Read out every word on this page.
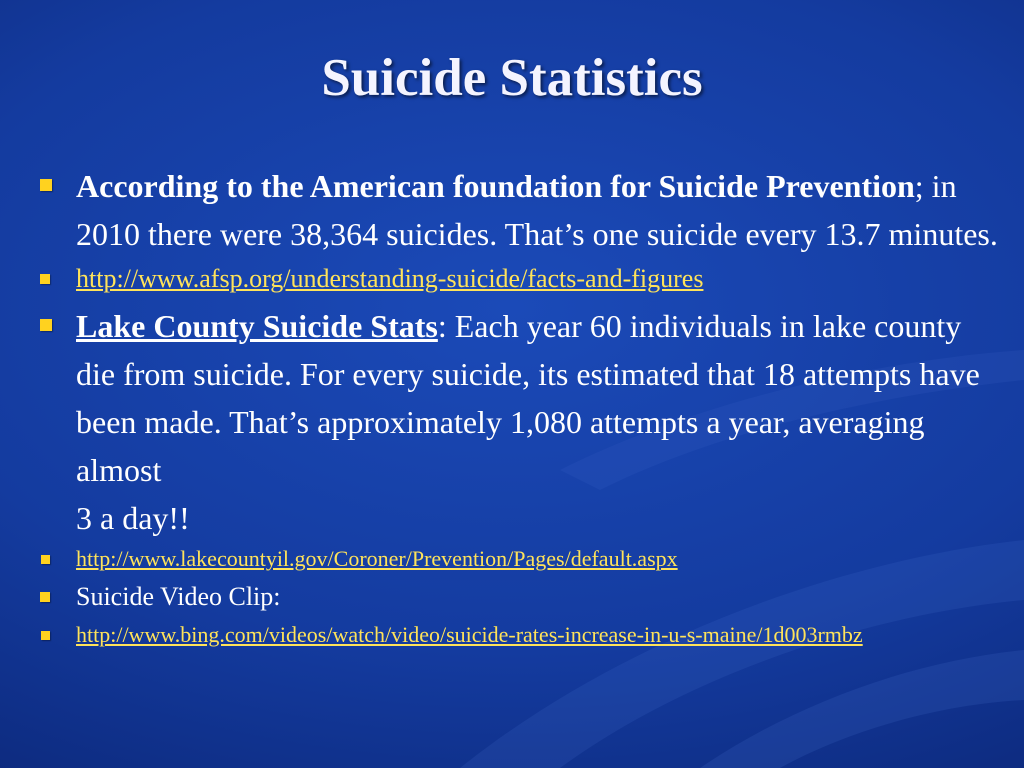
Suicide Statistics
According to the American foundation for Suicide Prevention; in 2010 there were 38,364 suicides. That’s one suicide every 13.7 minutes.
http://www.afsp.org/understanding-suicide/facts-and-figures
Lake County Suicide Stats: Each year 60 individuals in lake county die from suicide. For every suicide, its estimated that 18 attempts have been made. That’s approximately 1,080 attempts a year, averaging almost
3 a day!!
http://www.lakecountyil.gov/Coroner/Prevention/Pages/default.aspx
Suicide Video Clip:
http://www.bing.com/videos/watch/video/suicide-rates-increase-in-u-s-maine/1d003rmbz
